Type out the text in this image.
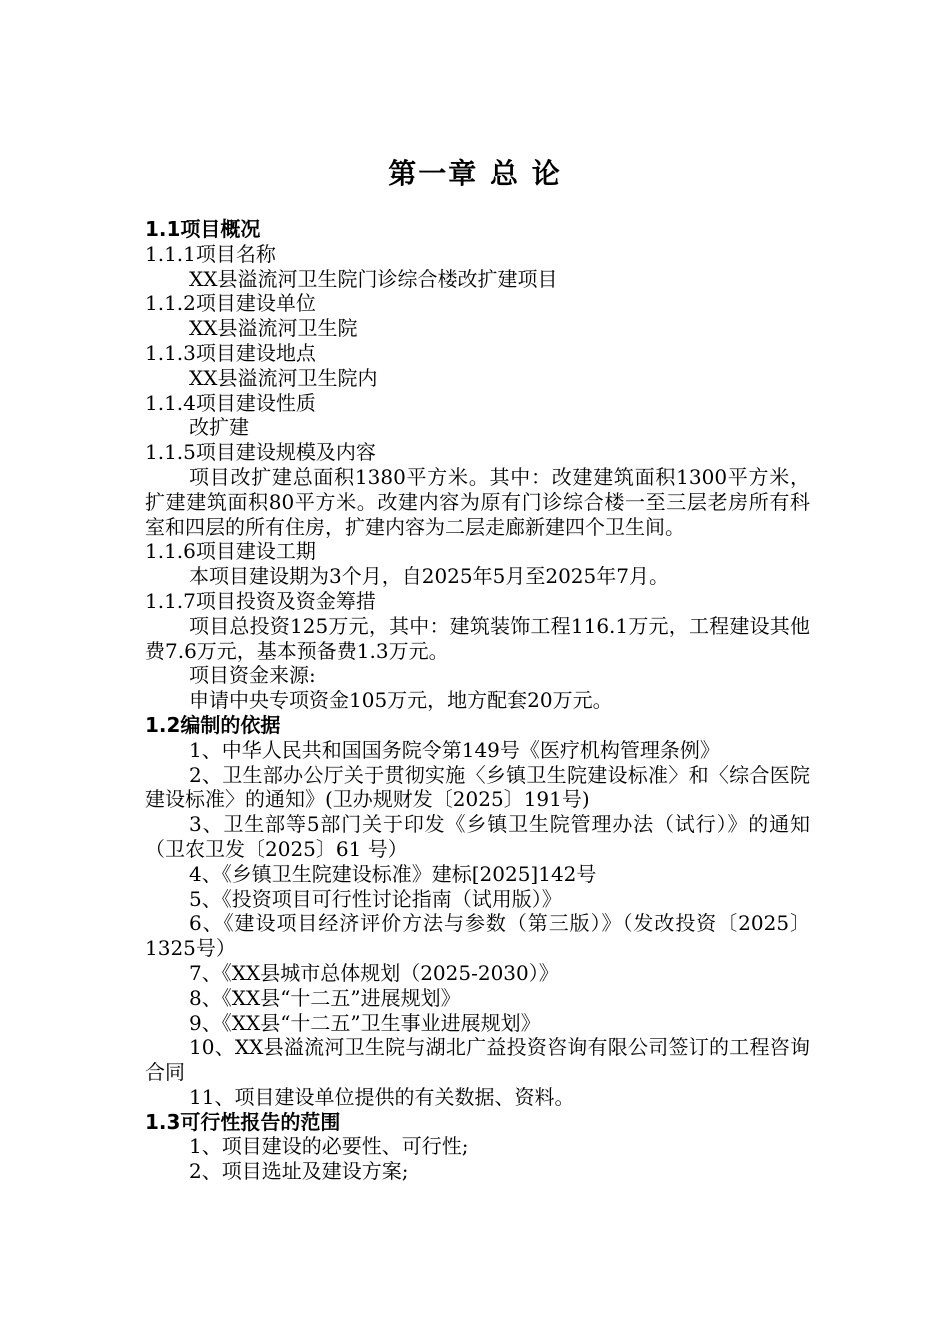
第一章 总 论
1.1项目概况
1.1.1项目名称
XX县溢流河卫生院门诊综合楼改扩建项目
1.1.2项目建设单位
XX县溢流河卫生院
1.1.3项目建设地点
XX县溢流河卫生院内
1.1.4项目建设性质
改扩建
1.1.5项目建设规模及内容
项目改扩建总面积1380平方米。其中：改建建筑面积1300平方米，扩建建筑面积80平方米。改建内容为原有门诊综合楼一至三层老房所有科室和四层的所有住房，扩建内容为二层走廊新建四个卫生间。
1.1.6项目建设工期
本项目建设期为3个月，自2025年5月至2025年7月。
1.1.7项目投资及资金筹措
项目总投资125万元，其中：建筑装饰工程116.1万元，工程建设其他费7.6万元，基本预备费1.3万元。
项目资金来源:
申请中央专项资金105万元，地方配套20万元。
1.2编制的依据
1、中华人民共和国国务院令第149号《医疗机构管理条例》
2、卫生部办公厅关于贯彻实施〈乡镇卫生院建设标准〉和〈综合医院建设标准〉的通知》(卫办规财发〔2025〕191号)
3、卫生部等5部门关于印发《乡镇卫生院管理办法（试行）》的通知（卫农卫发〔2025〕61 号）
4、《乡镇卫生院建设标准》建标[2025]142号
5、《投资项目可行性讨论指南（试用版）》
6、《建设项目经济评价方法与参数（第三版）》（发改投资〔2025〕1325号）
7、《XX县城市总体规划（2025-2030）》
8、《XX县“十二五”进展规划》
9、《XX县“十二五”卫生事业进展规划》
10、XX县溢流河卫生院与湖北广益投资咨询有限公司签订的工程咨询合同
11、项目建设单位提供的有关数据、资料。
1.3可行性报告的范围
1、项目建设的必要性、可行性;
2、项目选址及建设方案;
